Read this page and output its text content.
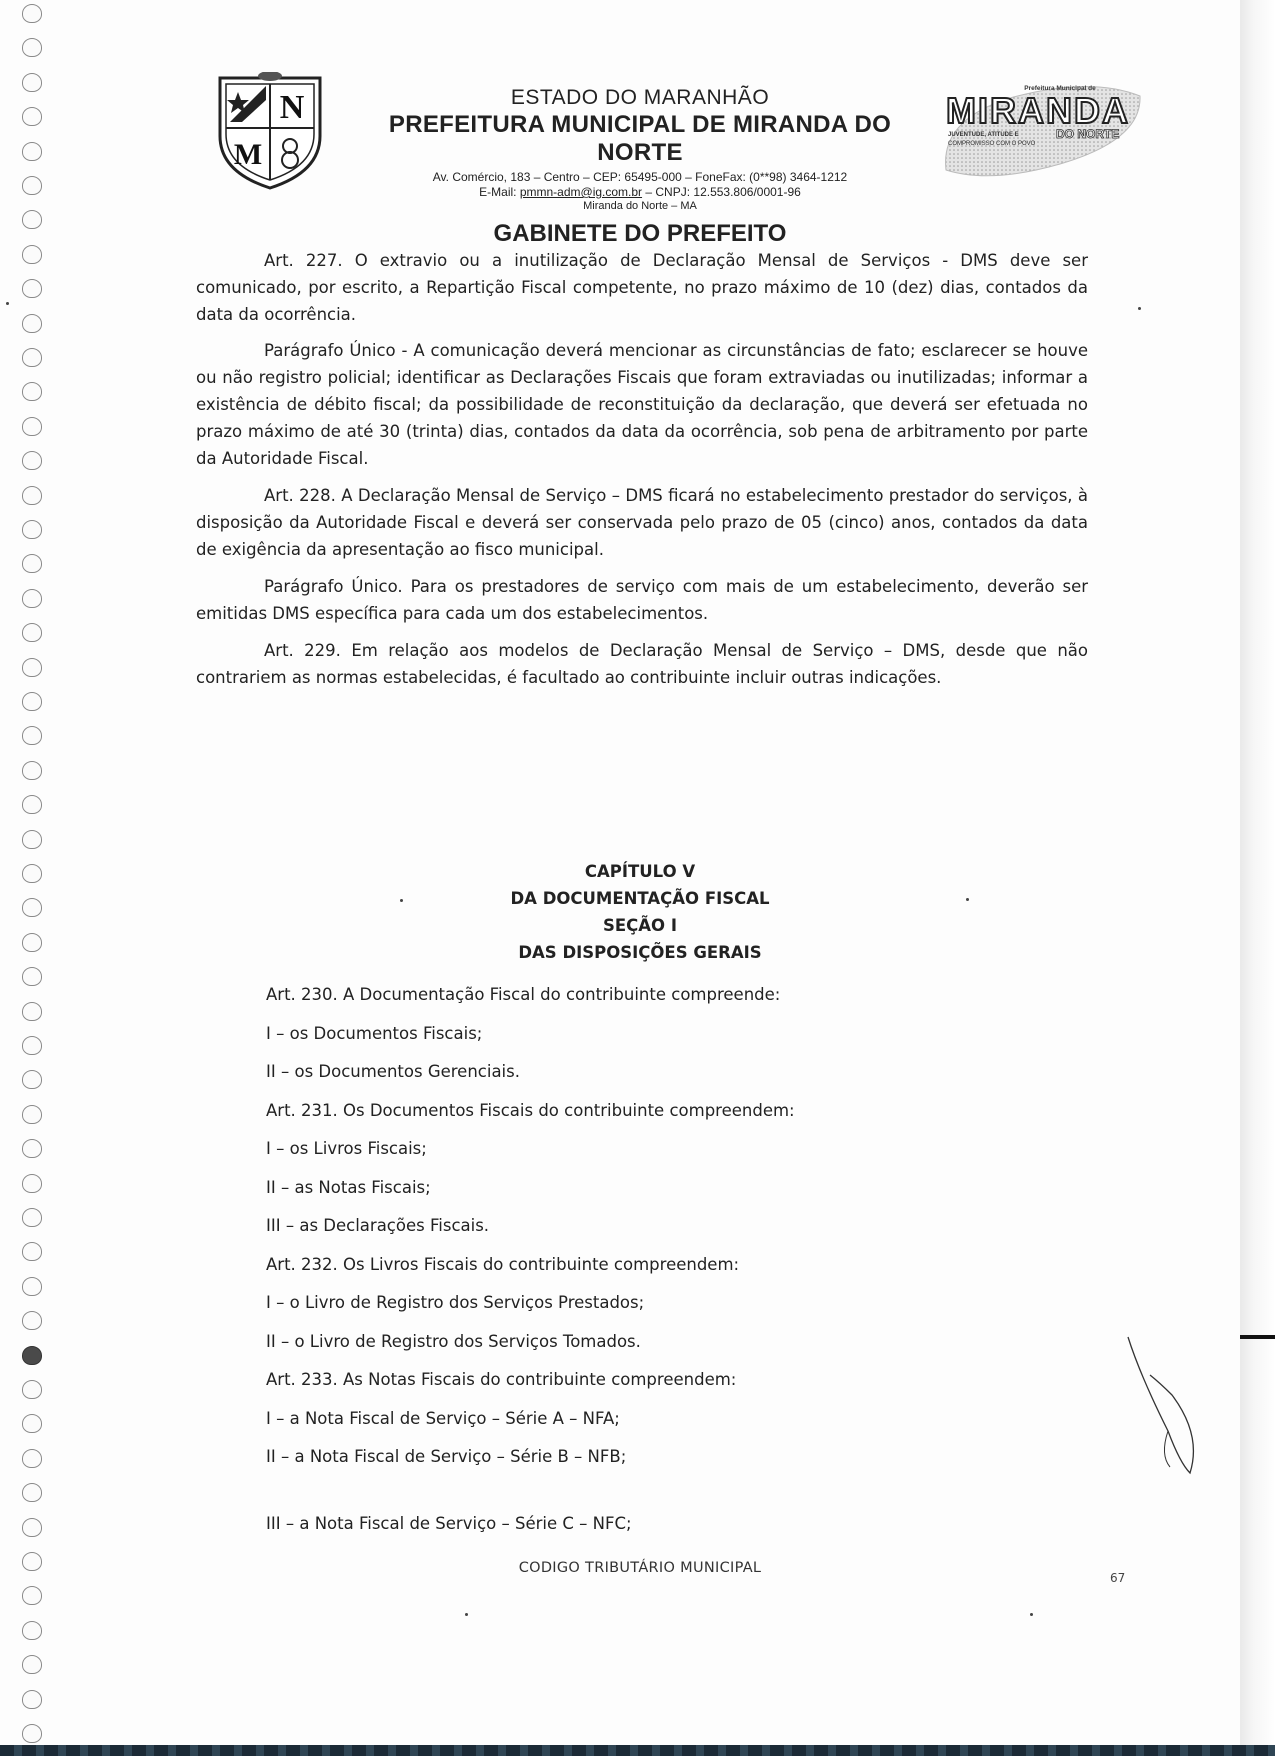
N
M
ESTADO DO MARANHÃO
PREFEITURA MUNICIPAL DE MIRANDA DO NORTE
Av. Comércio, 183 – Centro – CEP: 65495-000 – FoneFax: (0**98) 3464-1212
E-Mail: pmmn-adm@ig.com.br – CNPJ: 12.553.806/0001-96
Miranda do Norte – MA
Prefeitura Municipal de
MIRANDA
DO NORTE
JUVENTUDE, ATITUDE E
COMPROMISSO COM O POVO
GABINETE DO PREFEITO

Art. 227. O extravio ou a inutilização de Declaração Mensal de Serviços - DMS deve ser comunicado, por escrito, a Repartição Fiscal competente, no prazo máximo de 10 (dez) dias, contados da data da ocorrência.

Parágrafo Único - A comunicação deverá mencionar as circunstâncias de fato; esclarecer se houve ou não registro policial; identificar as Declarações Fiscais que foram extraviadas ou inutilizadas; informar a existência de débito fiscal; da possibilidade de reconstituição da declaração, que deverá ser efetuada no prazo máximo de até 30 (trinta) dias, contados da data da ocorrência, sob pena de arbitramento por parte da Autoridade Fiscal.

Art. 228. A Declaração Mensal de Serviço – DMS ficará no estabelecimento prestador do serviços, à disposição da Autoridade Fiscal e deverá ser conservada pelo prazo de 05 (cinco) anos, contados da data de exigência da apresentação ao fisco municipal.

Parágrafo Único. Para os prestadores de serviço com mais de um estabelecimento, deverão ser emitidas DMS específica para cada um dos estabelecimentos.

Art. 229. Em relação aos modelos de Declaração Mensal de Serviço – DMS, desde que não contrariem as normas estabelecidas, é facultado ao contribuinte incluir outras indicações.

CAPÍTULO V
DA DOCUMENTAÇÃO FISCAL
SEÇÃO I
DAS DISPOSIÇÕES GERAIS
Art. 230. A Documentação Fiscal do contribuinte compreende:
I – os Documentos Fiscais;
II – os Documentos Gerenciais.
Art. 231. Os Documentos Fiscais do contribuinte compreendem:
I – os Livros Fiscais;
II – as Notas Fiscais;
III – as Declarações Fiscais.
Art. 232. Os Livros Fiscais do contribuinte compreendem:
I – o Livro de Registro dos Serviços Prestados;
II – o Livro de Registro dos Serviços Tomados.
Art. 233. As Notas Fiscais do contribuinte compreendem:
I – a Nota Fiscal de Serviço – Série A – NFA;
II – a Nota Fiscal de Serviço – Série B – NFB;
III – a Nota Fiscal de Serviço – Série C – NFC;
CODIGO TRIBUTÁRIO MUNICIPAL
67
